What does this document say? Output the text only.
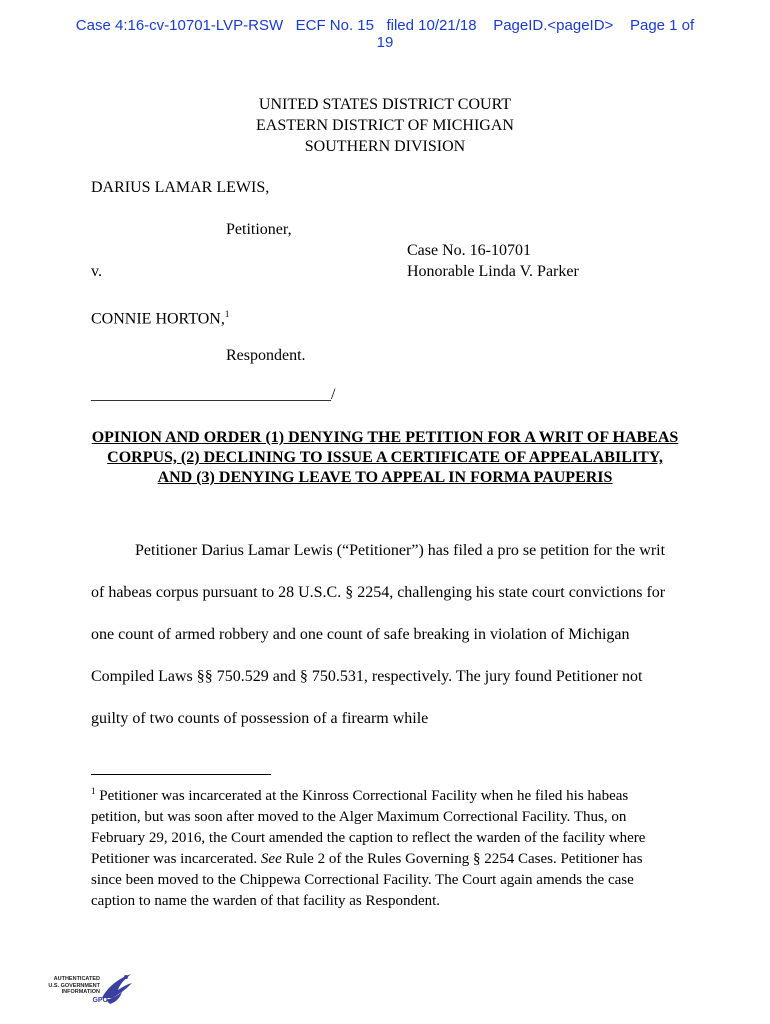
Case 4:16-cv-10701-LVP-RSW   ECF No. 15   filed 10/21/18    PageID.<pageID>    Page 1 of
19
UNITED STATES DISTRICT COURT
EASTERN DISTRICT OF MICHIGAN
SOUTHERN DIVISION
DARIUS LAMAR LEWIS,
Petitioner,
Case No. 16-10701
v.	Honorable Linda V. Parker
CONNIE HORTON,$^1$
Respondent.
______________________________/
OPINION AND ORDER (1) DENYING THE PETITION FOR A WRIT OF HABEAS CORPUS, (2) DECLINING TO ISSUE A CERTIFICATE OF APPEALABILITY, AND (3) DENYING LEAVE TO APPEAL IN FORMA PAUPERIS
Petitioner Darius Lamar Lewis (“Petitioner”) has filed a pro se petition for the writ of habeas corpus pursuant to 28 U.S.C. § 2254, challenging his state court convictions for one count of armed robbery and one count of safe breaking in violation of Michigan Compiled Laws §§ 750.529 and § 750.531, respectively. The jury found Petitioner not guilty of two counts of possession of a firearm while
$^1$ Petitioner was incarcerated at the Kinross Correctional Facility when he filed his habeas petition, but was soon after moved to the Alger Maximum Correctional Facility. Thus, on February 29, 2016, the Court amended the caption to reflect the warden of the facility where Petitioner was incarcerated. See Rule 2 of the Rules Governing § 2254 Cases. Petitioner has since been moved to the Chippewa Correctional Facility. The Court again amends the case caption to name the warden of that facility as Respondent.
AUTHENTICATED
U.S. GOVERNMENT
INFORMATION
GPO
